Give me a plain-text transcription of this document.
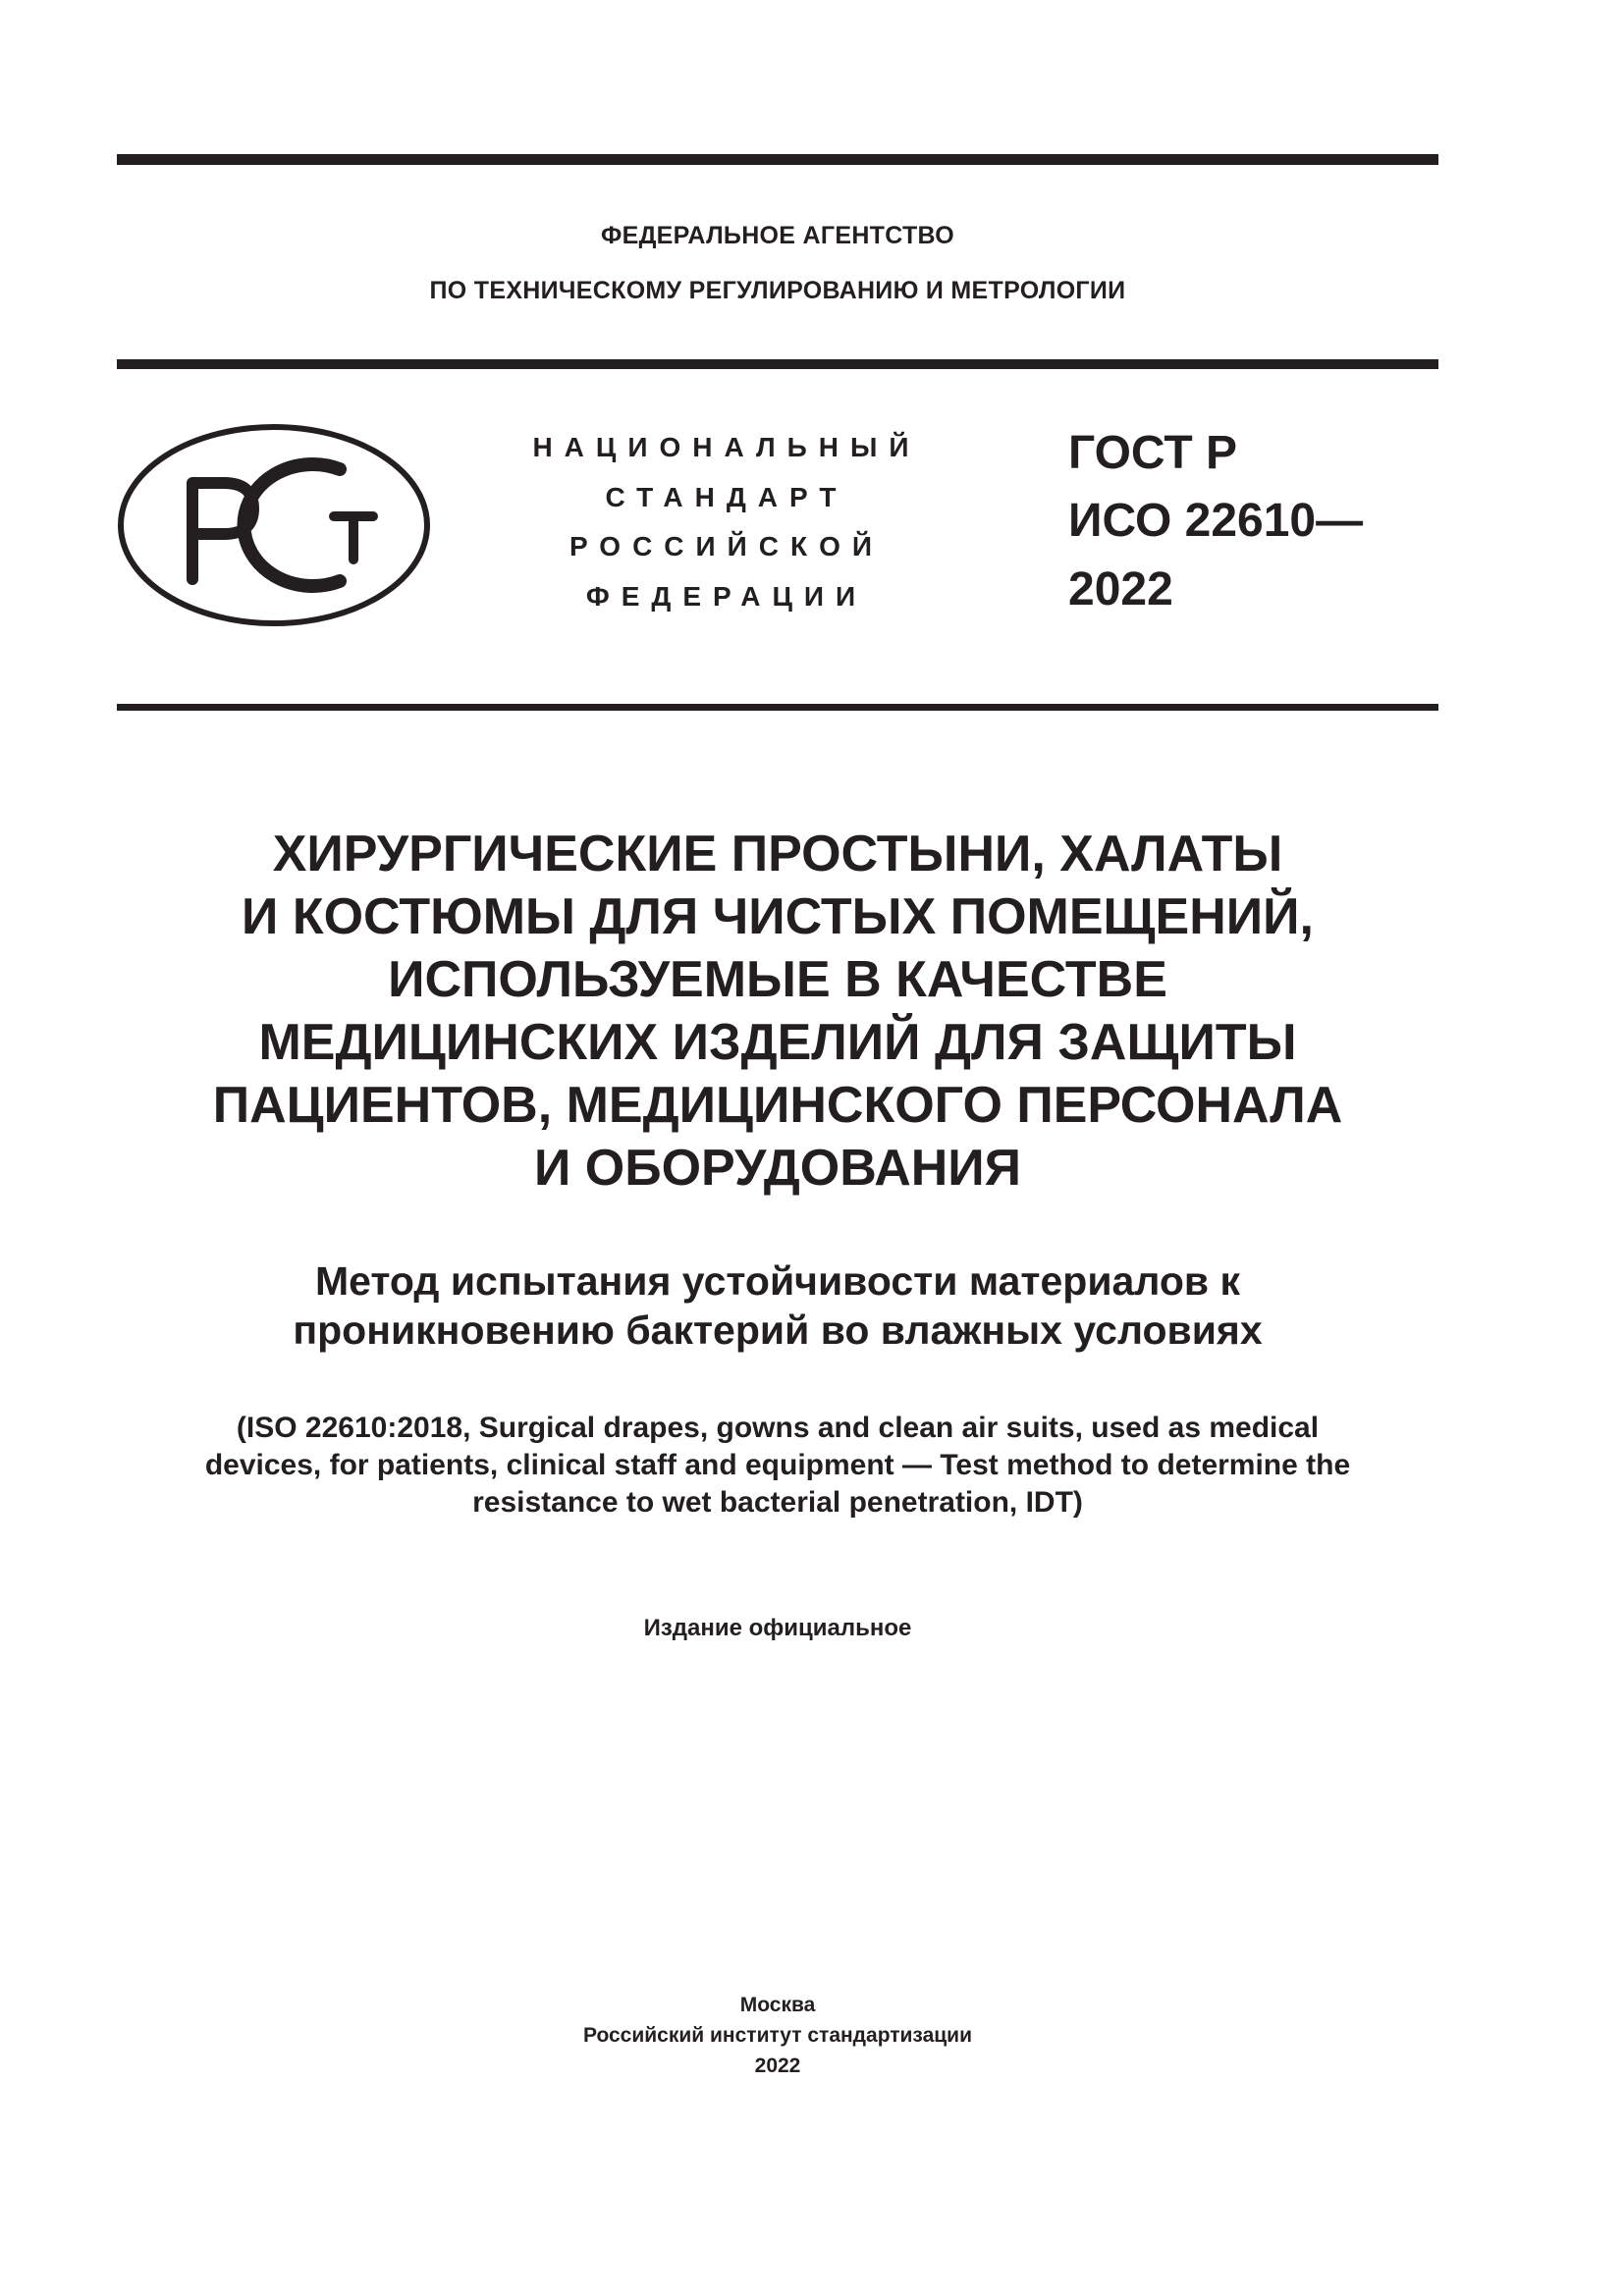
ФЕДЕРАЛЬНОЕ АГЕНТСТВО
ПО ТЕХНИЧЕСКОМУ РЕГУЛИРОВАНИЮ И МЕТРОЛОГИИ
НАЦИОНАЛЬНЫЙ
СТАНДАРТ
РОССИЙСКОЙ
ФЕДЕРАЦИИ
ГОСТ Р
ИСО 22610—
2022
ХИРУРГИЧЕСКИЕ ПРОСТЫНИ, ХАЛАТЫ
И КОСТЮМЫ ДЛЯ ЧИСТЫХ ПОМЕЩЕНИЙ,
ИСПОЛЬЗУЕМЫЕ В КАЧЕСТВЕ
МЕДИЦИНСКИХ ИЗДЕЛИЙ ДЛЯ ЗАЩИТЫ
ПАЦИЕНТОВ, МЕДИЦИНСКОГО ПЕРСОНАЛА
И ОБОРУДОВАНИЯ
Метод испытания устойчивости материалов к
проникновению бактерий во влажных условиях
(ISO 22610:2018, Surgical drapes, gowns and clean air suits, used as medical
devices, for patients, clinical staff and equipment — Test method to determine the
resistance to wet bacterial penetration, IDT)
Издание официальное
Москва
Российский институт стандартизации
2022
